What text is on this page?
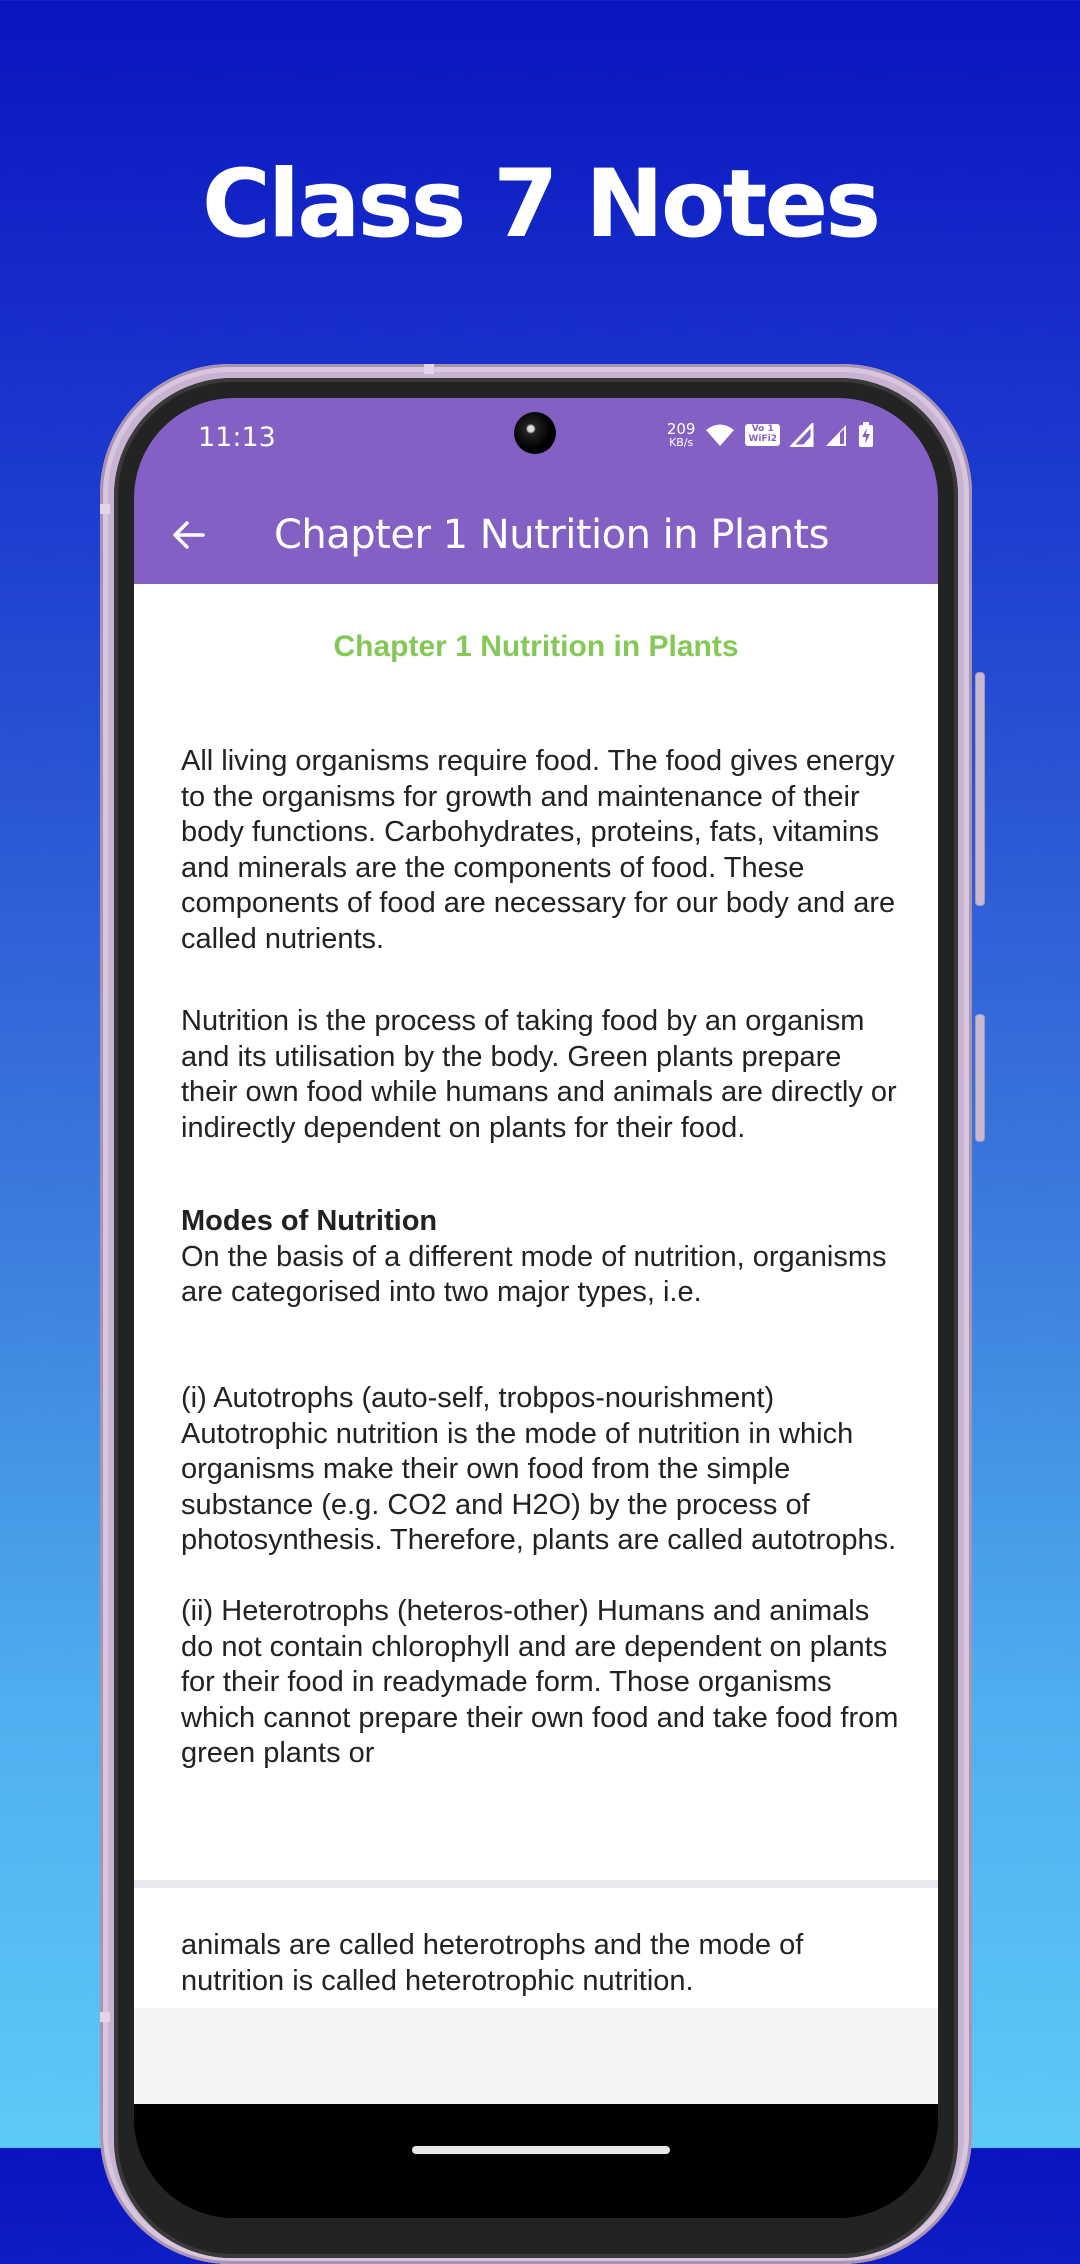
Class 7 Notes
11:13	209
KB/s
Vo 1
WiFi2
Chapter 1 Nutrition in Plants
Chapter 1 Nutrition in Plants
All living organisms require food. The food gives energy to the organisms for growth and maintenance of their body functions. Carbohydrates, proteins, fats, vitamins and minerals are the components of food. These components of food are necessary for our body and are called nutrients.
Nutrition is the process of taking food by an organism and its utilisation by the body. Green plants prepare their own food while humans and animals are directly or indirectly dependent on plants for their food.
Modes of Nutrition
On the basis of a different mode of nutrition, organisms are categorised into two major types, i.e.
(i) Autotrophs (auto-self, trobpos-nourishment) Autotrophic nutrition is the mode of nutrition in which organisms make their own food from the simple substance (e.g. CO2 and H2O) by the process of photosynthesis. Therefore, plants are called autotrophs.
(ii) Heterotrophs (heteros-other) Humans and animals do not contain chlorophyll and are dependent on plants for their food in readymade form. Those organisms which cannot prepare their own food and take food from green plants or
animals are called heterotrophs and the mode of nutrition is called heterotrophic nutrition.
